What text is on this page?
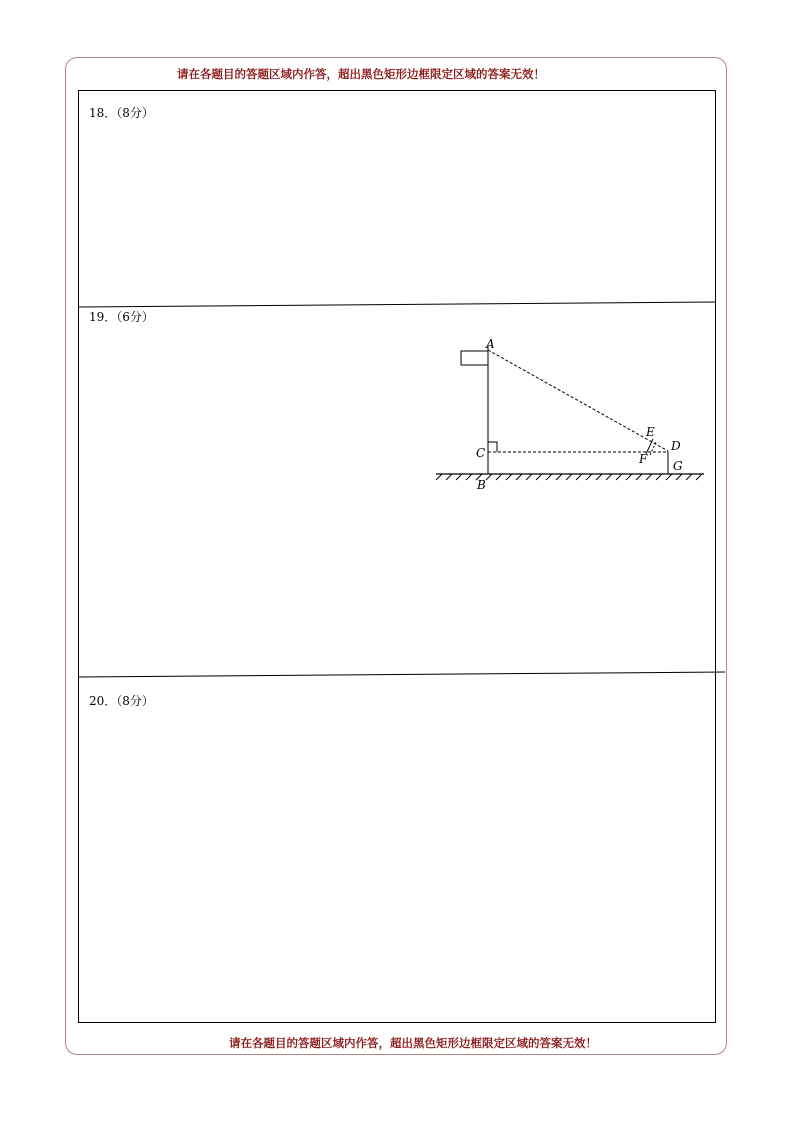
请在各题目的答题区域内作答，超出黑色矩形边框限定区域的答案无效！
18．（8分）
19．（6分）
20．（8分）
A
C
B
E
F
D
G
请在各题目的答题区域内作答，超出黑色矩形边框限定区域的答案无效！
